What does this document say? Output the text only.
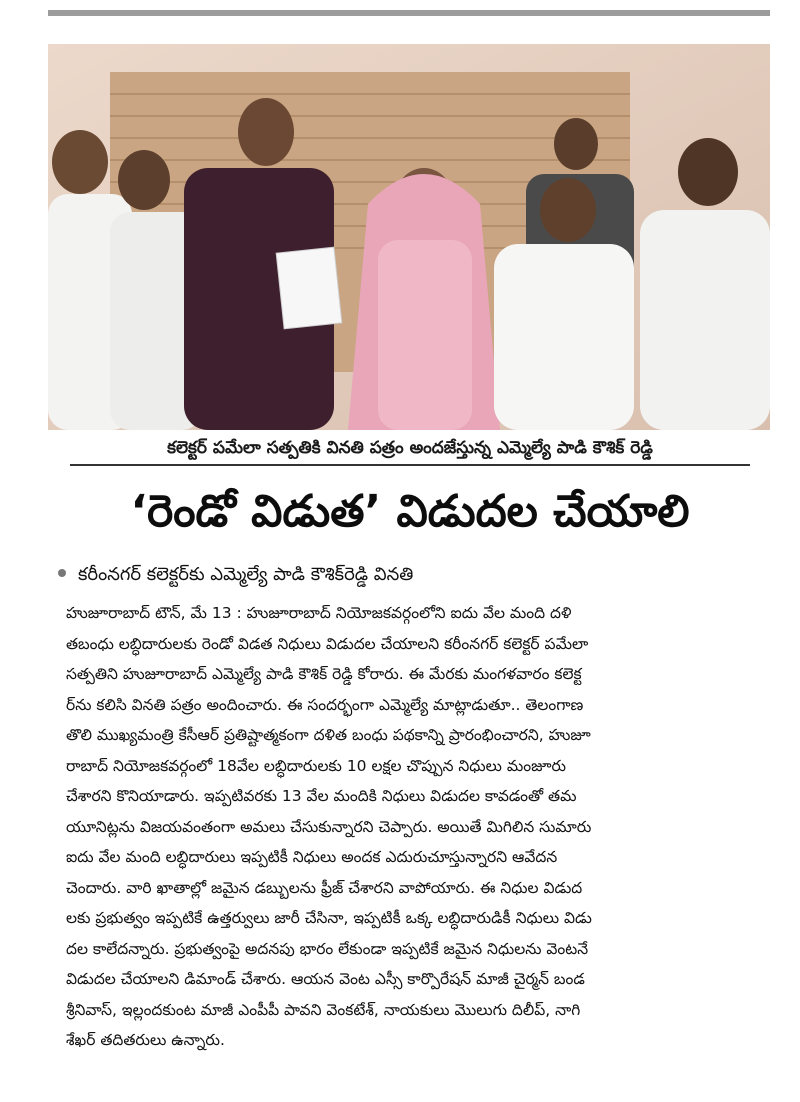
కలెక్టర్ పమేలా సత్పతికి వినతి పత్రం అందజేస్తున్న ఎమ్మెల్యే పాడి కౌశిక్ రెడ్డి
‘రెండో విడుత’ విడుదల చేయాలి
కరీంనగర్ కలెక్టర్‌కు ఎమ్మెల్యే పాడి కౌశిక్‌రెడ్డి వినతి
హుజూరాబాద్ టౌన్, మే 13 : హుజూరాబాద్ నియోజకవర్గంలోని ఐదు వేల మంది దళి
తబంధు లబ్ధిదారులకు రెండో విడత నిధులు విడుదల చేయాలని కరీంనగర్ కలెక్టర్ పమేలా
సత్పతిని హుజూరాబాద్ ఎమ్మెల్యే పాడి కౌశిక్ రెడ్డి కోరారు. ఈ మేరకు మంగళవారం కలెక్ట
ర్‌ను కలిసి వినతి పత్రం అందించారు. ఈ సందర్భంగా ఎమ్మెల్యే మాట్లాడుతూ.. తెలంగాణ
తొలి ముఖ్యమంత్రి కేసీఆర్ ప్రతిష్టాత్మకంగా దళిత బంధు పథకాన్ని ప్రారంభించారని, హుజూ
రాబాద్ నియోజకవర్గంలో 18వేల లబ్ధిదారులకు 10 లక్షల చొప్పున నిధులు మంజూరు
చేశారని కొనియాడారు. ఇప్పటివరకు 13 వేల మందికి నిధులు విడుదల కావడంతో తమ
యూనిట్లను విజయవంతంగా అమలు చేసుకున్నారని చెప్పారు. అయితే మిగిలిన సుమారు
ఐదు వేల మంది లబ్ధిదారులు ఇప్పటికీ నిధులు అందక ఎదురుచూస్తున్నారని ఆవేదన
చెందారు. వారి ఖాతాల్లో జమైన డబ్బులను ఫ్రీజ్ చేశారని వాపోయారు. ఈ నిధుల విడుద
లకు ప్రభుత్వం ఇప్పటికే ఉత్తర్వులు జారీ చేసినా, ఇప్పటికీ ఒక్క లబ్ధిదారుడికీ నిధులు విడు
దల కాలేదన్నారు. ప్రభుత్వంపై అదనపు భారం లేకుండా ఇప్పటికే జమైన నిధులను వెంటనే
విడుదల చేయాలని డిమాండ్ చేశారు. ఆయన వెంట ఎస్సీ కార్పొరేషన్ మాజీ చైర్మన్ బండ
శ్రీనివాస్, ఇల్లందకుంట మాజీ ఎంపీపీ పావని వెంకటేశ్, నాయకులు మొలుగు దిలీప్, నాగి
శేఖర్ తదితరులు ఉన్నారు.
